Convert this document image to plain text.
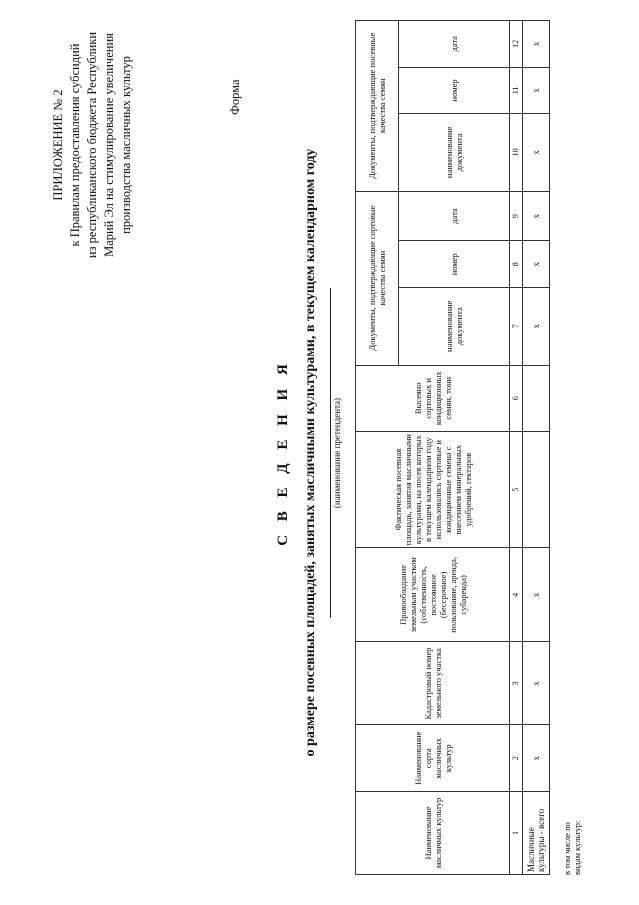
ПРИЛОЖЕНИЕ № 2 к Правилам предоставления субсидий из республиканского бюджета Республики Марий Эл на стимулирование увеличения производства масличных культур	Форма
С В Е Д Е Н И Я о размере посевных площадей, занятых масличными культурами, в текущем календарном году (наименование претендента)
Наименование масличных культур	Наименование сорта масличных культур	Кадастровый номер земельного участка	Правообладание земельным участком (собственность, постоянное (бессрочное) пользование, аренда, субаренда)	Фактическая посевная площадь, занятая масличными культурами, на посев которых в текущем календарном году использовались сортовые и кондиционные семена с внесением минеральных удобрений, гектаров	Высеяно сортовых и кондиционных семян, тонн	Документы, подтверждающие сортовые качества семян			Документы, подтверждающие посевные качества семян		
						наименование документа	номер	дата	наименование документа	номер	дата
1	2	3	4	5	6	7	8	9	10	11	12
Масличные культуры - всего	х	х	х			х	х	х	х	х	х
в том числе по видам культур:
